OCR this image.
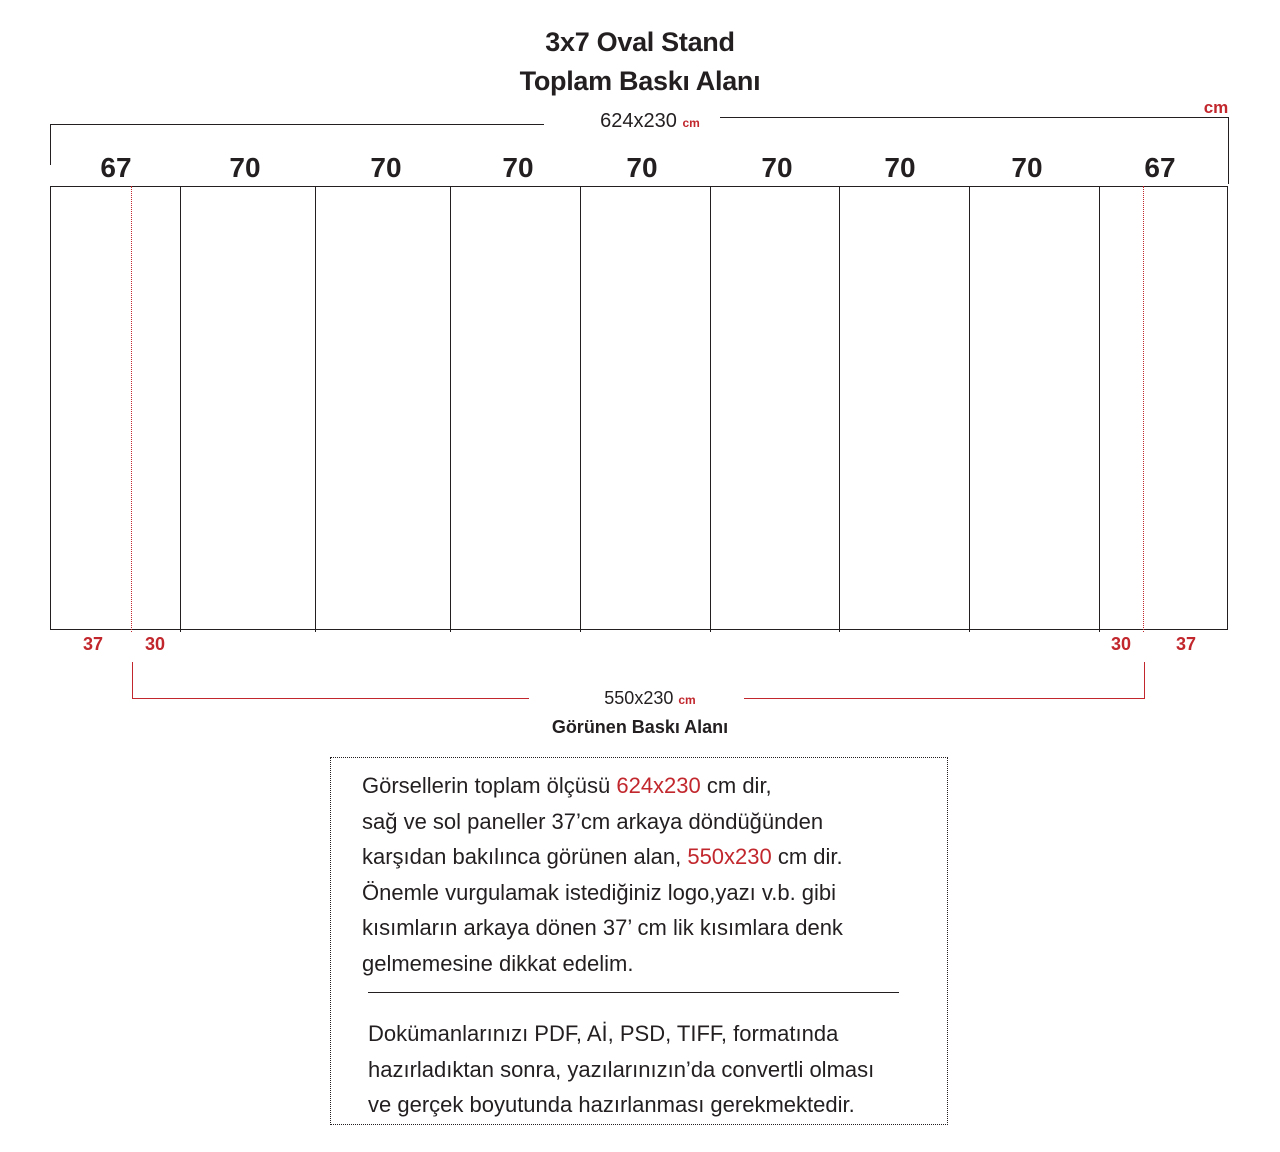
3x7 Oval Stand
Toplam Baskı Alanı
624x230 cm
cm
67	70	70	70	70	70	70	70	67
37	30	30	37
550x230 cm
Görünen Baskı Alanı
Görsellerin toplam ölçüsü 624x230 cm dir,
sağ ve sol paneller 37’cm arkaya döndüğünden
karşıdan bakılınca görünen alan, 550x230 cm dir.
Önemle vurgulamak istediğiniz logo,yazı v.b. gibi
kısımların arkaya dönen 37’ cm lik kısımlara denk
gelmemesine dikkat edelim.
Dokümanlarınızı PDF, Aİ, PSD, TIFF, formatında
hazırladıktan sonra, yazılarınızın’da convertli olması
ve gerçek boyutunda hazırlanması gerekmektedir.
